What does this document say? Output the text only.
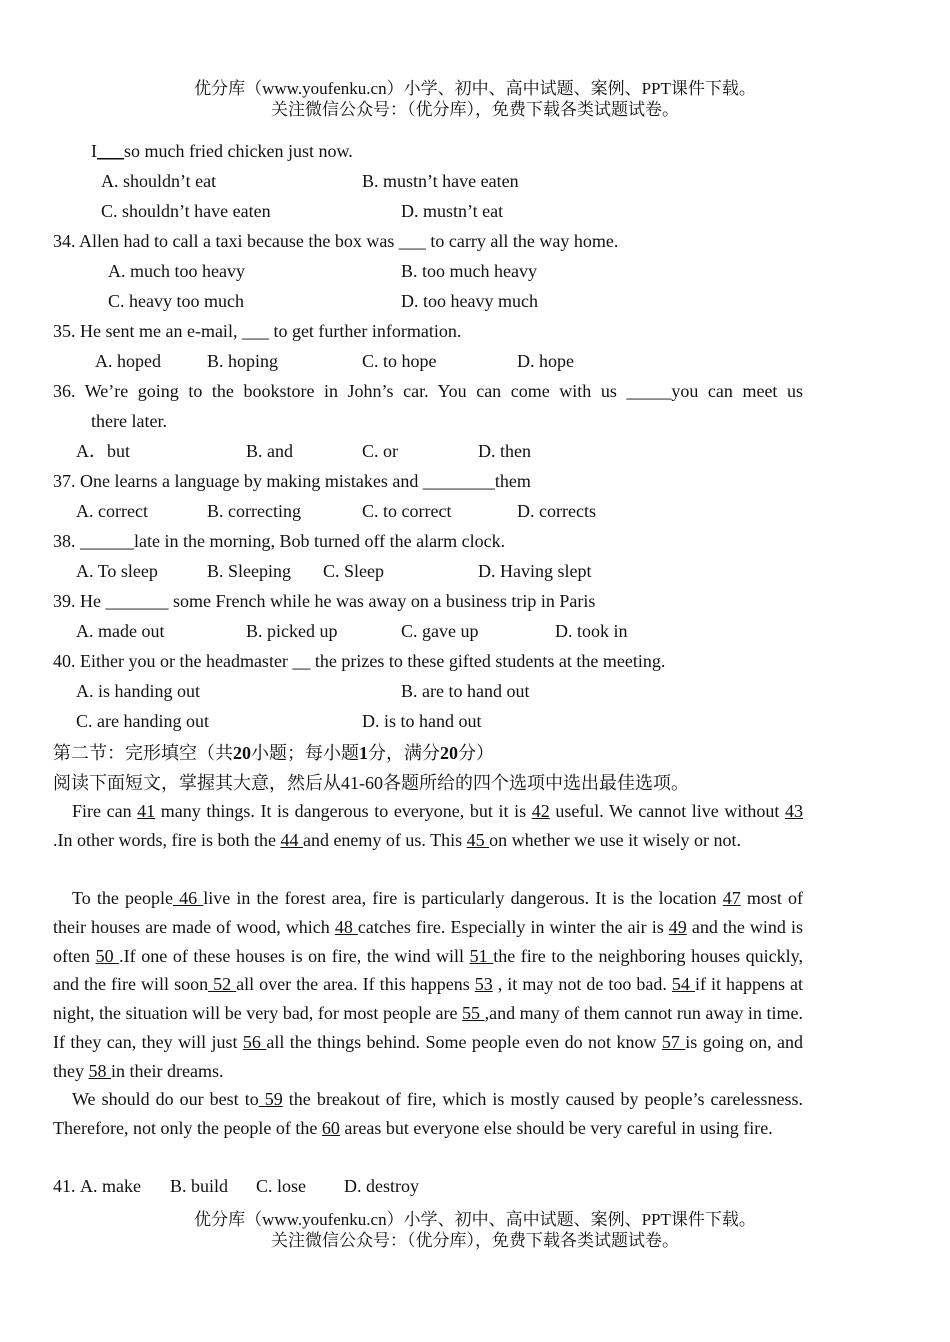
优分库（www.youfenku.cn）小学、初中、高中试题、案例、PPT课件下载。
关注微信公众号：（优分库），免费下载各类试题试卷。
I___so much fried chicken just now.
A. shouldn’t eat	B. mustn’t have eaten
C. shouldn’t have eaten	D. mustn’t eat
34. Allen had to call a taxi because the box was ___ to carry all the way home.
A. much too heavy	B. too much heavy
C. heavy too much	D. too heavy much
35. He sent me an e-mail, ___ to get further information.
A. hoped	B. hoping	C. to hope	D. hope
36. We’re going to the bookstore in John’s car. You can come with us _____you can meet us
there later.
A．but	B. and	C. or	D. then
37. One learns a language by making mistakes and ________them
A. correct	B. correcting	C. to correct	D. corrects
38. ______late in the morning, Bob turned off the alarm clock.
A. To sleep	B. Sleeping C. Sleep	D. Having slept
39. He _______ some French while he was away on a business trip in Paris
A. made out	B. picked up	C. gave up	D. took in
40. Either you or the headmaster __ the prizes to these gifted students at the meeting.
A. is handing out	B. are to hand out
C. are handing out	D. is to hand out
第二节：完形填空（共20小题；每小题1分，满分20分）
阅读下面短文，掌握其大意，然后从41-60各题所给的四个选项中选出最佳选项。
Fire can 41 many things. It is dangerous to everyone, but it is 42 useful. We cannot live without 43 .In other words, fire is both the 44 and enemy of us. This 45 on whether we use it wisely or not.
To the people 46 live in the forest area, fire is particularly dangerous. It is the location 47 most of their houses are made of wood, which 48 catches fire. Especially in winter the air is 49 and the wind is often 50 .If one of these houses is on fire, the wind will 51 the fire to the neighboring houses quickly, and the fire will soon 52 all over the area. If this happens 53 , it may not de too bad. 54 if it happens at night, the situation will be very bad, for most people are 55 ,and many of them cannot run away in time. If they can, they will just 56 all the things behind. Some people even do not know 57 is going on, and they 58 in their dreams.
We should do our best to 59 the breakout of fire, which is mostly caused by people’s carelessness. Therefore, not only the people of the 60 areas but everyone else should be very careful in using fire.
41. A. make B. build C. lose D. destroy
优分库（www.youfenku.cn）小学、初中、高中试题、案例、PPT课件下载。
关注微信公众号：（优分库），免费下载各类试题试卷。
